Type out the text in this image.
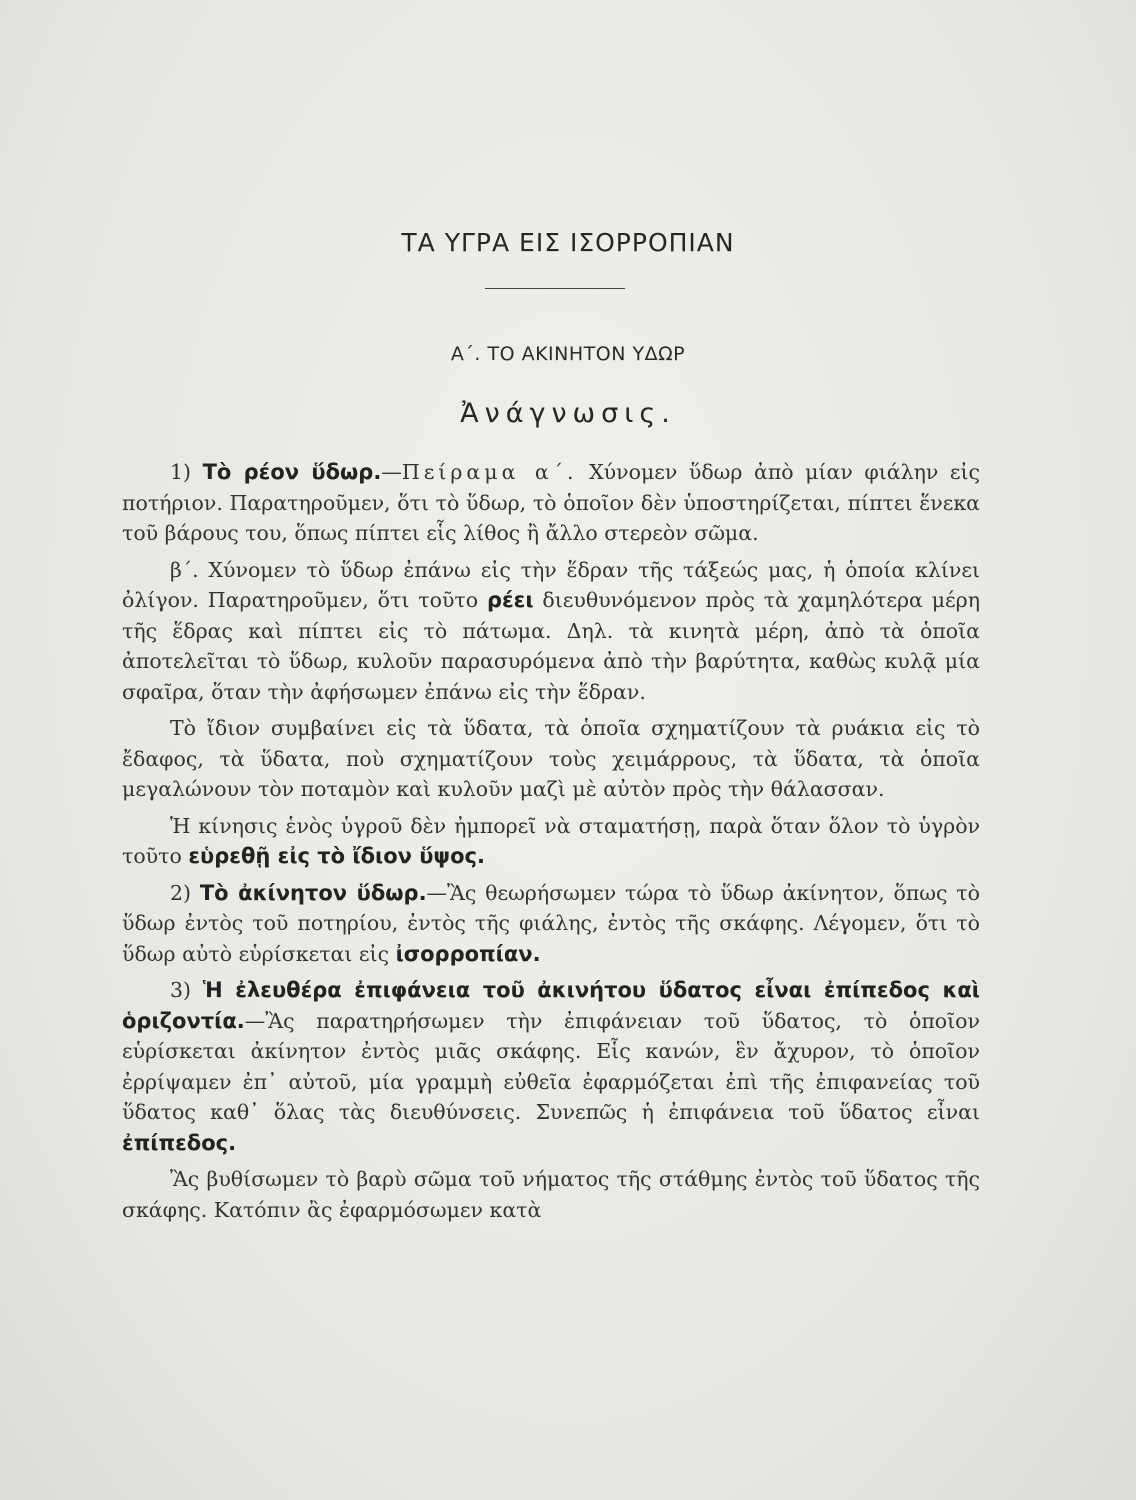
ΤΑ ΥΓΡΑ ΕΙΣ ΙΣΟΡΡΟΠΙΑΝ
Α΄. ΤΟ ΑΚΙΝΗΤΟΝ ΥΔΩΡ
Ἀνάγνωσις.

1) Τὸ ρέον ὕδωρ.—Πείραμα α΄. Χύνομεν ὕδωρ ἀπὸ μίαν φιάλην εἰς ποτήριον. Παρατηροῦμεν, ὅτι τὸ ὕδωρ, τὸ ὁποῖον δὲν ὑποστηρίζεται, πίπτει ἕνεκα τοῦ βάρους του, ὅπως πίπτει εἷς λίθος ἢ ἄλλο στερεὸν σῶμα.

β΄. Χύνομεν τὸ ὕδωρ ἐπάνω εἰς τὴν ἕδραν τῆς τάξεώς μας, ἡ ὁποία κλίνει ὀλίγον. Παρατηροῦμεν, ὅτι τοῦτο ρέει διευθυνόμενον πρὸς τὰ χαμηλότερα μέρη τῆς ἕδρας καὶ πίπτει εἰς τὸ πάτωμα. Δηλ. τὰ κινητὰ μέρη, ἀπὸ τὰ ὁποῖα ἀποτελεῖται τὸ ὕδωρ, κυλοῦν παρασυρόμενα ἀπὸ τὴν βαρύτητα, καθὼς κυλᾷ μία σφαῖρα, ὅταν τὴν ἀφήσωμεν ἐπάνω εἰς τὴν ἕδραν.

Τὸ ἴδιον συμβαίνει εἰς τὰ ὕδατα, τὰ ὁποῖα σχηματίζουν τὰ ρυάκια εἰς τὸ ἔδαφος, τὰ ὕδατα, ποὺ σχηματίζουν τοὺς χειμάρρους, τὰ ὕδατα, τὰ ὁποῖα μεγαλώνουν τὸν ποταμὸν καὶ κυλοῦν μαζὶ μὲ αὐτὸν πρὸς τὴν θάλασσαν.

Ἡ κίνησις ἑνὸς ὑγροῦ δὲν ἠμπορεῖ νὰ σταματήσῃ, παρὰ ὅταν ὅλον τὸ ὑγρὸν τοῦτο εὑρεθῇ εἰς τὸ ἴδιον ὕψος.

2) Τὸ ἀκίνητον ὕδωρ.—Ἂς θεωρήσωμεν τώρα τὸ ὕδωρ ἀκίνητον, ὅπως τὸ ὕδωρ ἐντὸς τοῦ ποτηρίου, ἐντὸς τῆς φιάλης, ἐντὸς τῆς σκάφης. Λέγομεν, ὅτι τὸ ὕδωρ αὐτὸ εὑρίσκεται εἰς ἰσορροπίαν.

3) Ἡ ἐλευθέρα ἐπιφάνεια τοῦ ἀκινήτου ὕδατος εἶναι ἐπίπεδος καὶ ὁριζοντία.—Ἂς παρατηρήσωμεν τὴν ἐπιφάνειαν τοῦ ὕδατος, τὸ ὁποῖον εὑρίσκεται ἀκίνητον ἐντὸς μιᾶς σκάφης. Εἷς κανών, ἓν ἄχυρον, τὸ ὁποῖον ἐρρίψαμεν ἐπ᾿ αὐτοῦ, μία γραμμὴ εὐθεῖα ἐφαρμόζεται ἐπὶ τῆς ἐπιφανείας τοῦ ὕδατος καθ᾿ ὅλας τὰς διευθύνσεις. Συνεπῶς ἡ ἐπιφάνεια τοῦ ὕδατος εἶναι ἐπίπεδος.

Ἂς βυθίσωμεν τὸ βαρὺ σῶμα τοῦ νήματος τῆς στάθμης ἐντὸς τοῦ ὕδατος τῆς σκάφης. Κατόπιν ἂς ἐφαρμόσωμεν κατὰ
